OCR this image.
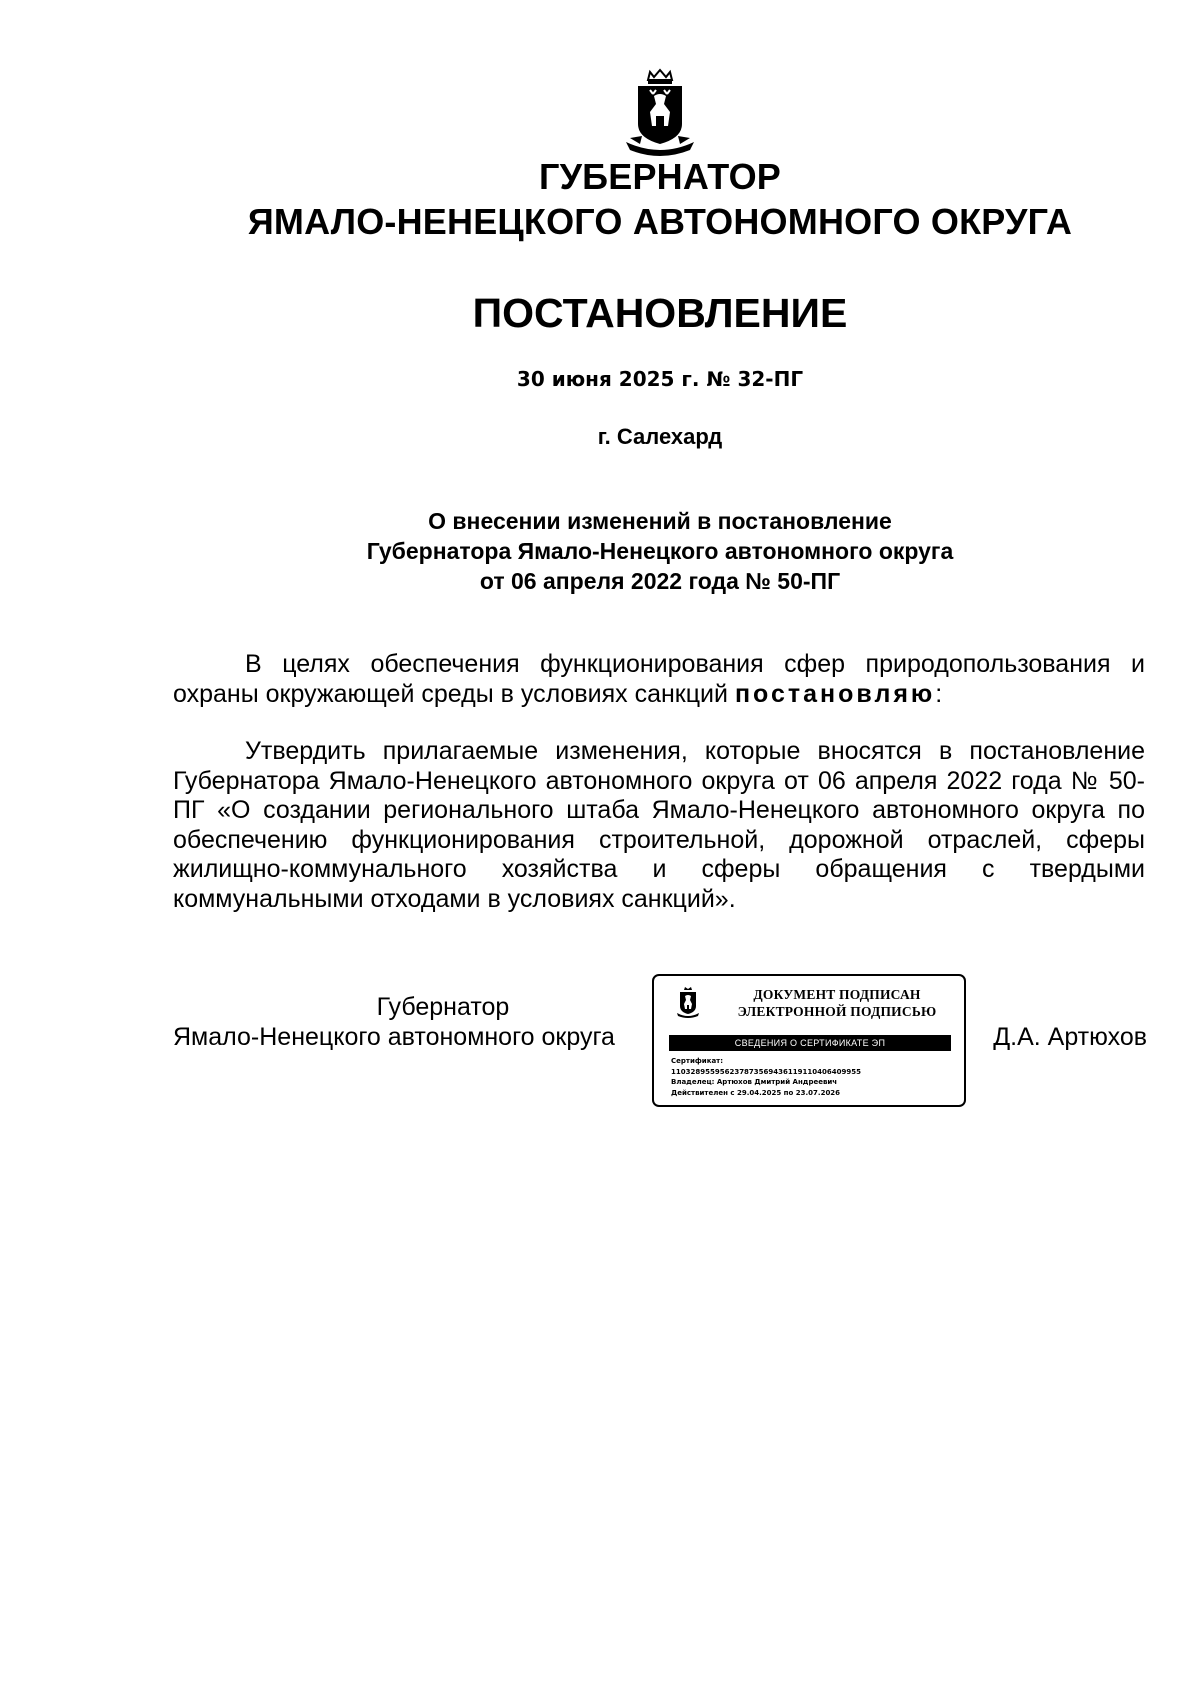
ГУБЕРНАТОР
ЯМАЛО-НЕНЕЦКОГО АВТОНОМНОГО ОКРУГА
ПОСТАНОВЛЕНИЕ
30 июня 2025 г. № 32-ПГ
г. Салехард
О внесении изменений в постановление
Губернатора Ямало-Ненецкого автономного округа
от 06 апреля 2022 года № 50-ПГ
В целях обеспечения функционирования сфер природопользования и охраны окружающей среды в условиях санкций постановляю:
Утвердить прилагаемые изменения, которые вносятся в постановление Губернатора Ямало-Ненецкого автономного округа от 06 апреля 2022 года № 50-ПГ «О создании регионального штаба Ямало-Ненецкого автономного округа по обеспечению функционирования строительной, дорожной отраслей, сферы жилищно-коммунального хозяйства и сферы обращения с твердыми коммунальными отходами в условиях санкций».
Губернатор
Ямало-Ненецкого автономного округа
ДОКУМЕНТ ПОДПИСАН
ЭЛЕКТРОННОЙ ПОДПИСЬЮ
СВЕДЕНИЯ О СЕРТИФИКАТЕ ЭП
Сертификат:
110328955956237873569436119110406409955
Владелец: Артюхов Дмитрий Андреевич
Действителен с 29.04.2025 по 23.07.2026
Д.А. Артюхов
